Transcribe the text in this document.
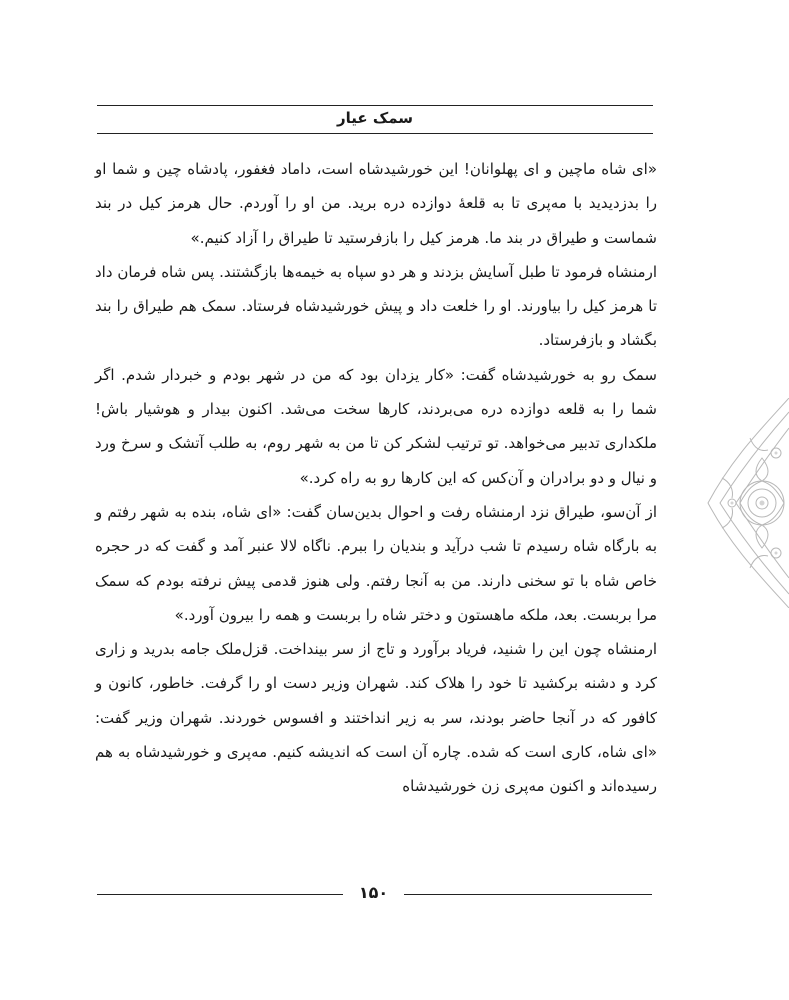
سمک عیار

«ای شاه ماچین و ای پهلوانان! این خورشیدشاه است، داماد فغفور، پادشاه چین و شما او را بدزدیدید با مه‌پری تا به قلعهٔ دوازده دره برید. من او را آوردم. حال هرمز کیل در بند شماست و طیراق در بند ما. هرمز کیل را بازفرستید تا طیراق را آزاد کنیم.»

ارمنشاه فرمود تا طبل آسایش بزدند و هر دو سپاه به خیمه‌ها بازگشتند. پس شاه فرمان داد تا هرمز کیل را بیاورند. او را خلعت داد و پیش خورشیدشاه فرستاد. سمک هم طیراق را بند بگشاد و بازفرستاد.

سمک رو به خورشیدشاه گفت: «کار یزدان بود که من در شهر بودم و خبردار شدم. اگر شما را به قلعه دوازده دره می‌بردند، کارها سخت می‌شد. اکنون بیدار و هوشیار باش! ملکداری تدبیر می‌خواهد. تو ترتیب لشکر کن تا من به شهر روم، به طلب آتشک و سرخ ورد و نیال و دو برادران و آن‌کس که این کارها رو به راه کرد.»

از آن‌سو، طیراق نزد ارمنشاه رفت و احوال بدین‌سان گفت: «ای شاه، بنده به شهر رفتم و به بارگاه شاه رسیدم تا شب درآید و بندیان را ببرم. ناگاه لالا عنبر آمد و گفت که در حجره خاص شاه با تو سخنی دارند. من به آنجا رفتم. ولی هنوز قدمی پیش نرفته بودم که سمک مرا بربست. بعد، ملکه ماهستون و دختر شاه را بربست و همه را بیرون آورد.»

ارمنشاه چون این را شنید، فریاد برآورد و تاج از سر بینداخت. قزل‌ملک جامه بدرید و زاری کرد و دشنه برکشید تا خود را هلاک کند. شهران وزیر دست او را گرفت. خاطور، کانون و کافور که در آنجا حاضر بودند، سر به زیر انداختند و افسوس خوردند. شهران وزیر گفت: «ای شاه، کاری است که شده. چاره آن است که اندیشه کنیم. مه‌پری و خورشیدشاه به هم رسیده‌اند و اکنون مه‌پری زن خورشیدشاه

۱۵۰
